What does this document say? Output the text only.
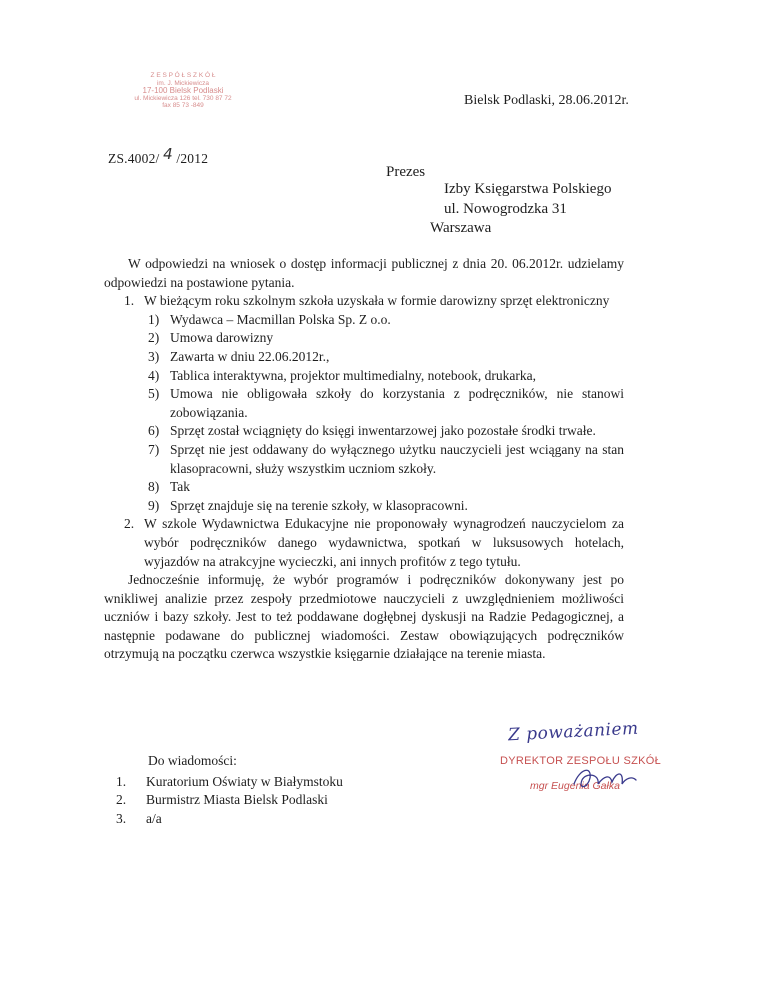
Z E S P Ó Ł S Z K Ó Ł
im. J. Mickiewicza
17-100 Bielsk Podlaski
ul. Mickiewicza 126 tel. 730 87 72
fax 85 73 -849	Bielsk Podlaski, 28.06.2012r.
ZS.4002/ 4 /2012
Prezes
Izby Księgarstwa Polskiego
ul. Nowogrodzka 31
Warszawa

W odpowiedzi na wniosek o dostęp informacji publicznej z dnia 20. 06.2012r. udzielamy odpowiedzi na postawione pytania.

1. W bieżącym roku szkolnym szkoła uzyskała w formie darowizny sprzęt elektroniczny
1) Wydawca – Macmillan Polska Sp. Z o.o.
2) Umowa darowizny
3) Zawarta w dniu 22.06.2012r.,
4) Tablica interaktywna, projektor multimedialny, notebook, drukarka,
5) Umowa nie obligowała szkoły do korzystania z podręczników, nie stanowi zobowiązania.
6) Sprzęt został wciągnięty do księgi inwentarzowej jako pozostałe środki trwałe.
7) Sprzęt nie jest oddawany do wyłącznego użytku nauczycieli jest wciągany na stan klasopracowni, służy wszystkim uczniom szkoły.
8) Tak
9) Sprzęt znajduje się na terenie szkoły, w klasopracowni.
2. W szkole Wydawnictwa Edukacyjne nie proponowały wynagrodzeń nauczycielom za wybór podręczników danego wydawnictwa, spotkań w luksusowych hotelach, wyjazdów na atrakcyjne wycieczki, ani innych profitów z tego tytułu.

Jednocześnie informuję, że wybór programów i podręczników dokonywany jest po wnikliwej analizie przez zespoły przedmiotowe nauczycieli z uwzględnieniem możliwości uczniów i bazy szkoły. Jest to też poddawane dogłębnej dyskusji na Radzie Pedagogicznej, a następnie podawane do publicznej wiadomości. Zestaw obowiązujących podręczników otrzymują na początku czerwca wszystkie księgarnie działające na terenie miasta.

Do wiadomości:
1. Kuratorium Oświaty w Białymstoku
2. Burmistrz Miasta Bielsk Podlaski
3. a/a
Z poważaniem
DYREKTOR ZESPOŁU SZKÓŁ
mgr Eugenia Gałka
